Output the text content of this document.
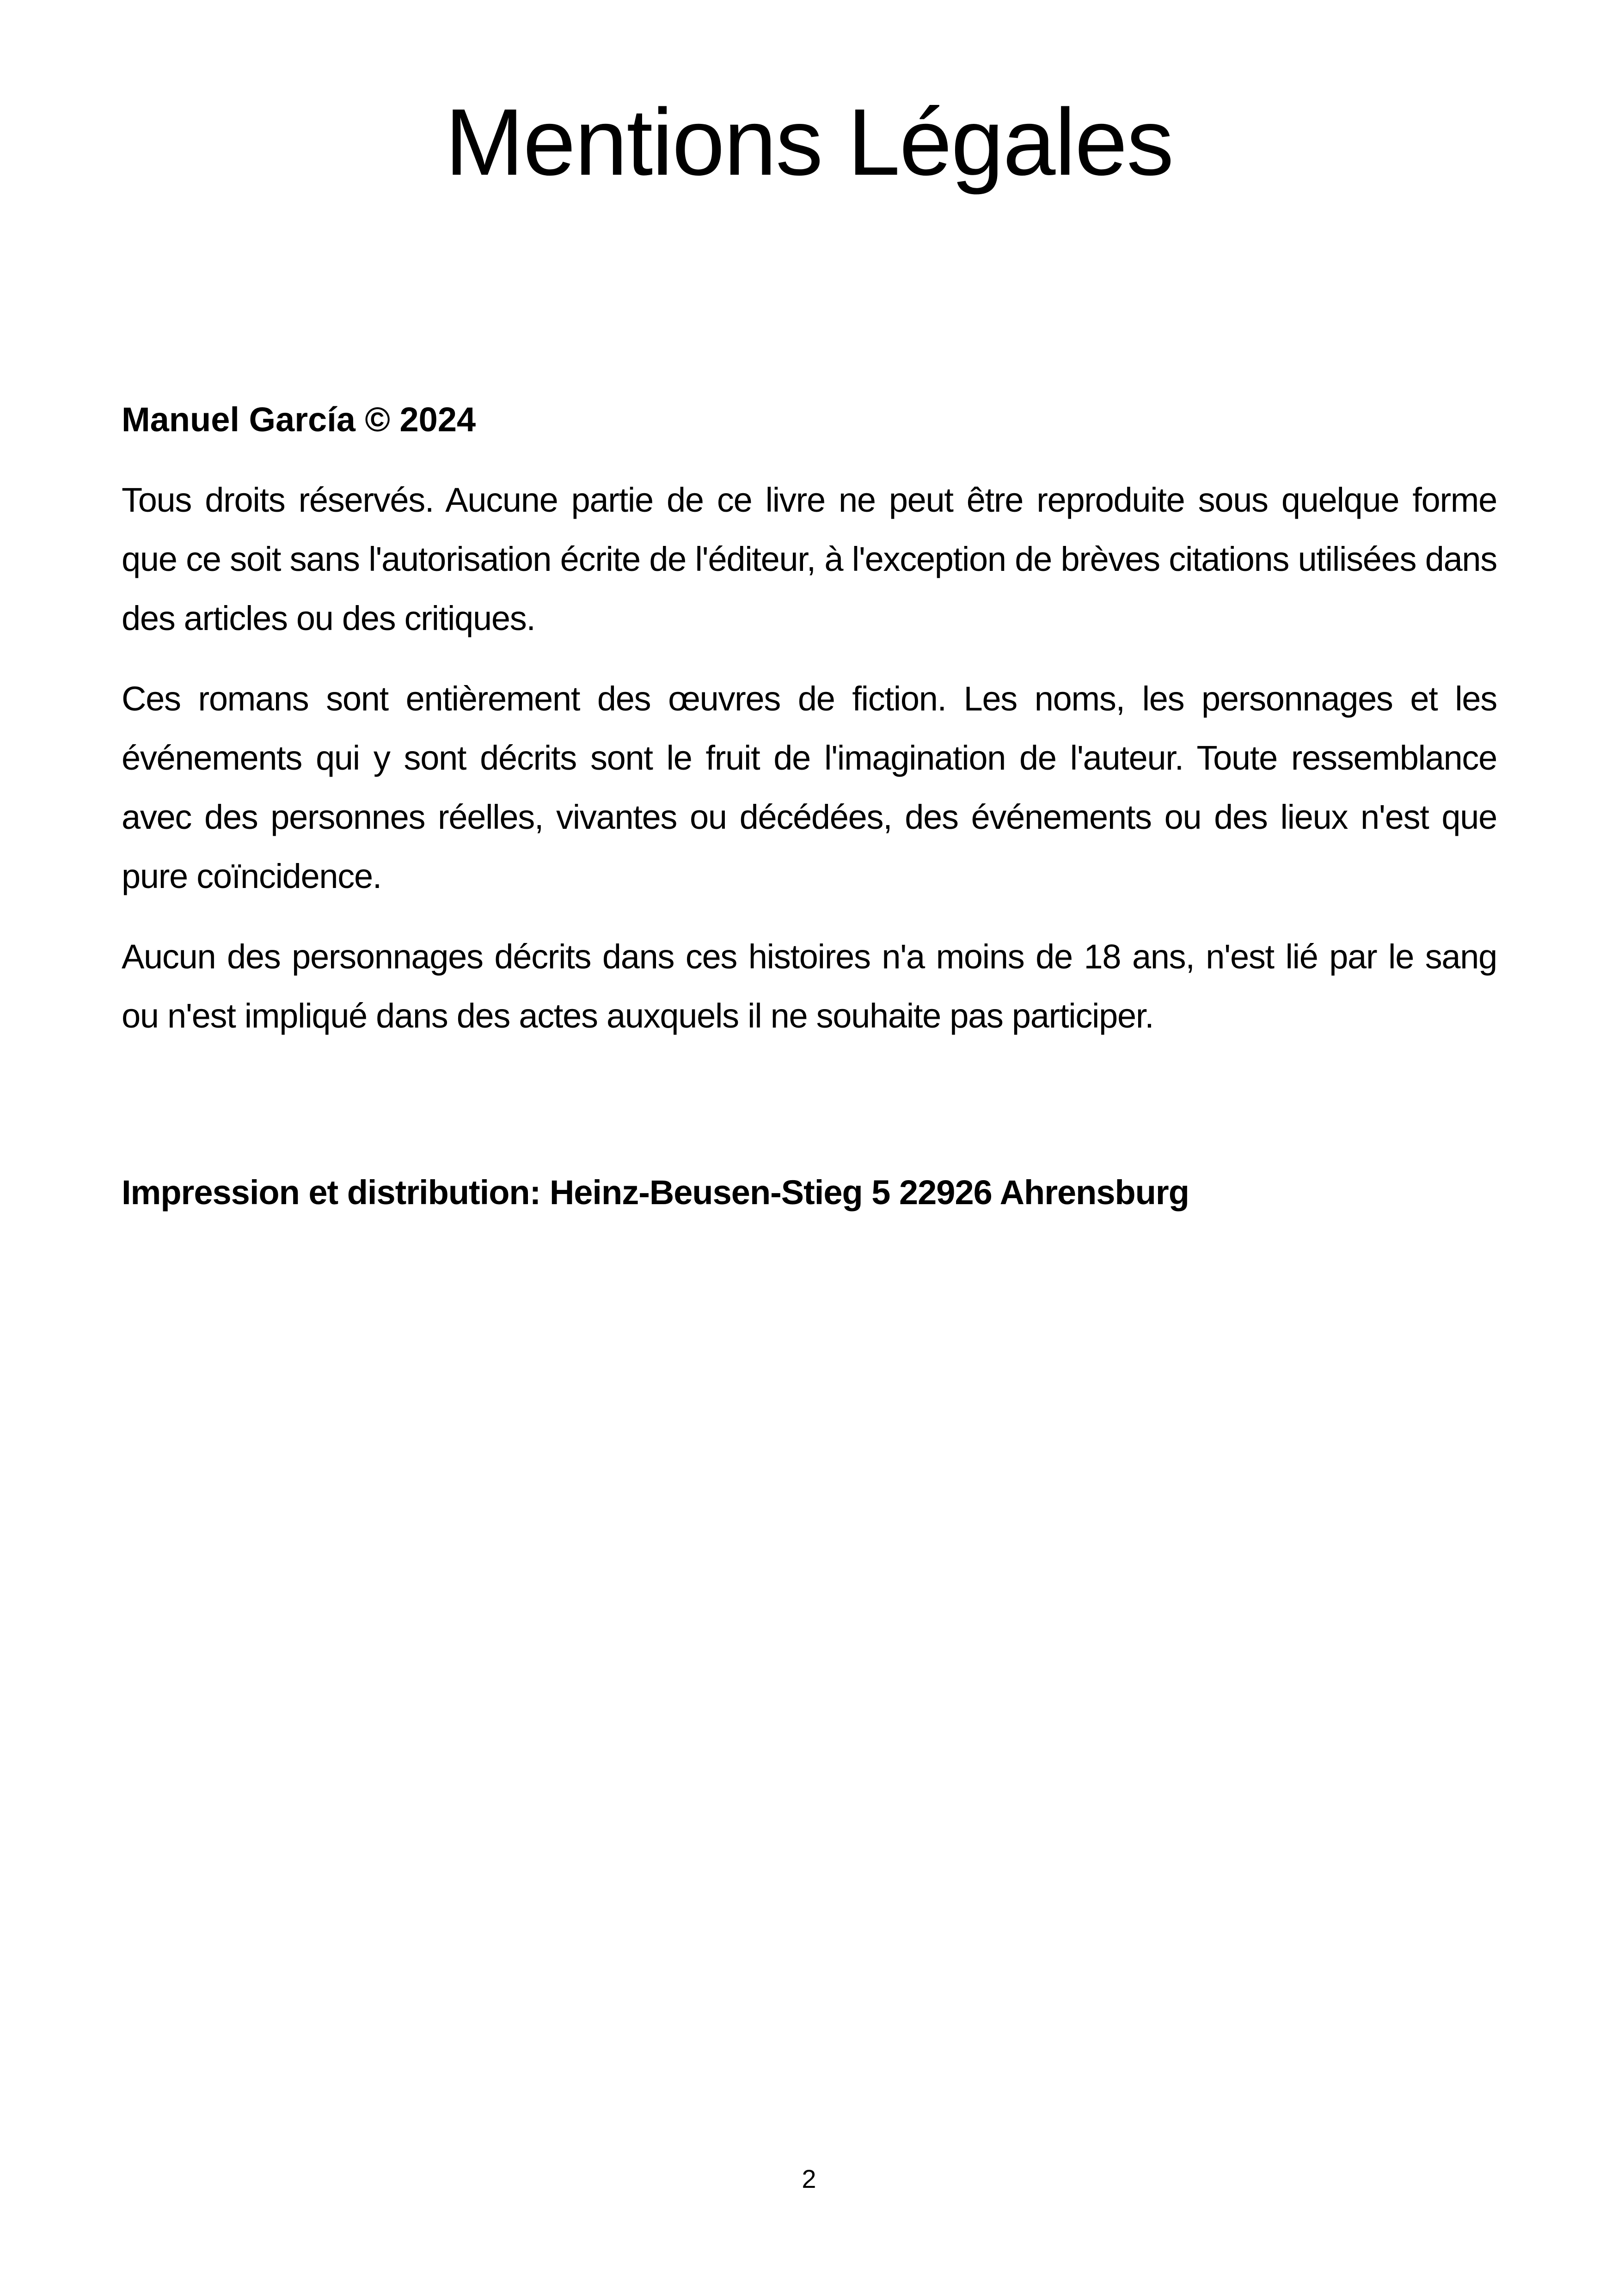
Mentions Légales

Manuel García © 2024

Tous droits réservés. Aucune partie de ce livre ne peut être reproduite sous quelque forme que ce soit sans l'autorisation écrite de l'éditeur, à l'exception de brèves citations utilisées dans des articles ou des critiques.

Ces romans sont entièrement des œuvres de fiction. Les noms, les personnages et les événements qui y sont décrits sont le fruit de l'imagination de l'auteur. Toute ressemblance avec des personnes réelles, vivantes ou décédées, des événements ou des lieux n'est que pure coïncidence.

Aucun des personnages décrits dans ces histoires n'a moins de 18 ans, n'est lié par le sang ou n'est impliqué dans des actes auxquels il ne souhaite pas participer.

Impression et distribution: Heinz-Beusen-Stieg 5 22926 Ahrensburg

2
